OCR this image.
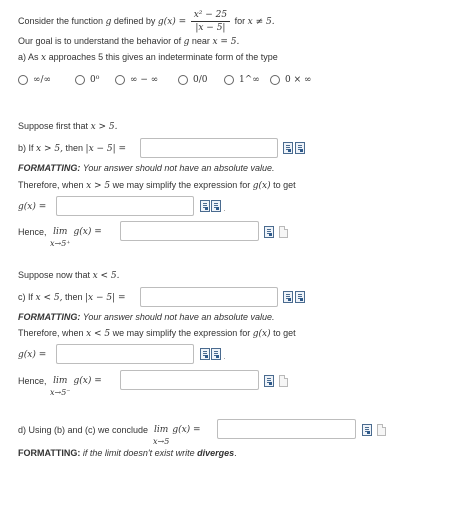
Consider the function g defined by $g(x) = \frac{\text{x² − 25}}{|x - 5|}$ for x ≠ 5.
Our goal is to understand the behavior of g near x = 5.
a) As x approaches 5 this gives an indeterminate form of the type
∞/∞	0⁰	∞ − ∞	0/0	1^∞	0 × ∞
Suppose first that x > 5.
b) If x > 5, then |x − 5| =
FORMATTING: Your answer should not have an absolute value.
Therefore, when x > 5 we may simplify the expression for g(x) to get
g(x) =
Hence, lim
x→5⁺
g(x) =
Suppose now that x < 5.
c) If x < 5, then |x − 5| =
FORMATTING: Your answer should not have an absolute value.
Therefore, when x < 5 we may simplify the expression for g(x) to get
g(x) =
Hence, lim
x→5⁻
g(x) =
d) Using (b) and (c) we conclude lim
x→5
g(x) =
FORMATTING: if the limit doesn't exist write diverges.
